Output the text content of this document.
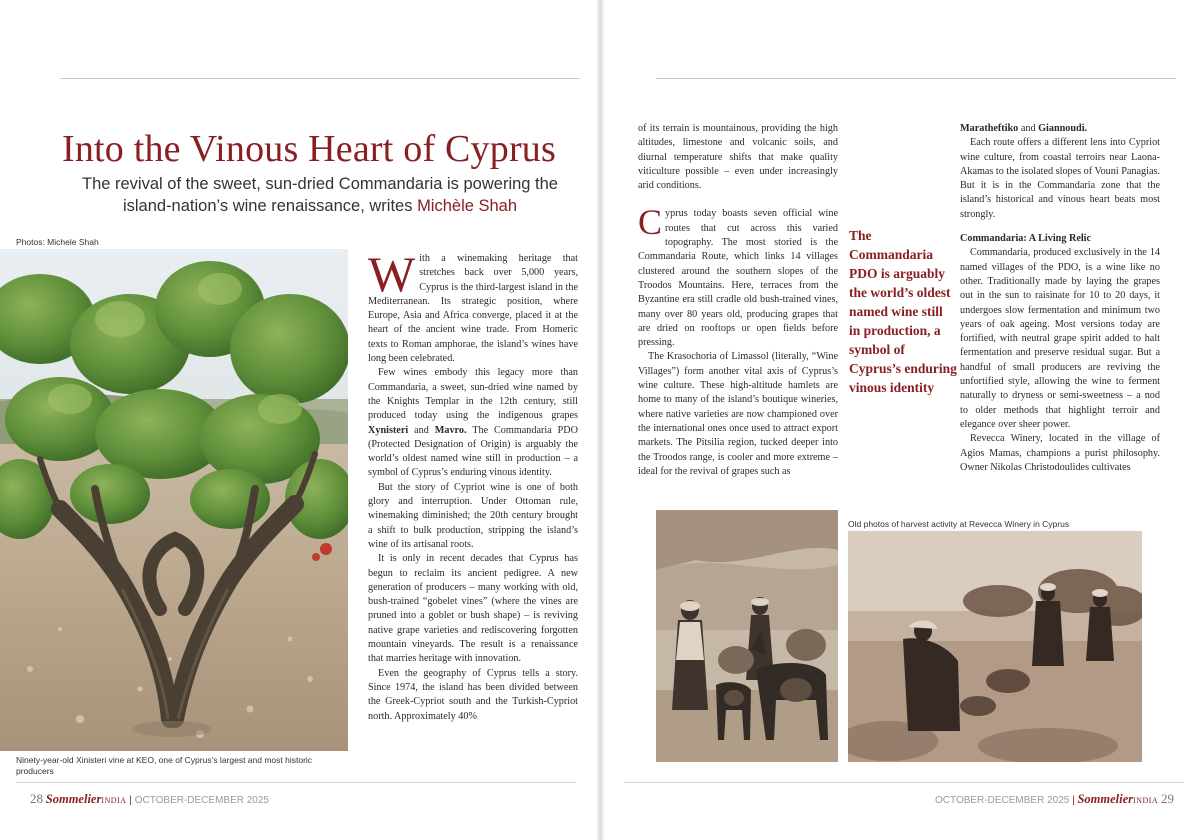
Into the Vinous Heart of Cyprus
The revival of the sweet, sun-dried Commandaria is powering the island-nation’s wine renaissance, writes Michèle Shah
Photos: Michele Shah
Ninety-year-old Xinisteri vine at KEO, one of Cyprus’s largest and most historic producers

With a winemaking heritage that stretches back over 5,000 years, Cyprus is the third-largest island in the Mediterranean. Its strategic position, where Europe, Asia and Africa converge, placed it at the heart of the ancient wine trade. From Homeric texts to Roman amphorae, the island’s wines have long been celebrated.

Few wines embody this legacy more than Commandaria, a sweet, sun-dried wine named by the Knights Templar in the 12th century, still produced today using the indigenous grapes Xynisteri and Mavro. The Commandaria PDO (Protected Designation of Origin) is arguably the world’s oldest named wine still in production – a symbol of Cyprus’s enduring vinous identity.

But the story of Cypriot wine is one of both glory and interruption. Under Ottoman rule, winemaking diminished; the 20th century brought a shift to bulk production, stripping the island’s wine of its artisanal roots.

It is only in recent decades that Cyprus has begun to reclaim its ancient pedigree. A new generation of producers – many working with old, bush-trained “gobelet vines” (where the vines are pruned into a goblet or bush shape) – is reviving native grape varieties and rediscovering forgotten mountain vineyards. The result is a renaissance that marries heritage with innovation.

Even the geography of Cyprus tells a story. Since 1974, the island has been divided between the Greek-Cypriot south and the Turkish-Cypriot north. Approximately 40%

28 SommelierINDIA | OCTOBER-DECEMBER 2025

of its terrain is mountainous, providing the high altitudes, limestone and volcanic soils, and diurnal temperature shifts that make quality viticulture possible – even under increasingly arid conditions.

Cyprus today boasts seven official wine routes that cut across this varied topography. The most storied is the Commandaria Route, which links 14 villages clustered around the southern slopes of the Troodos Mountains. Here, terraces from the Byzantine era still cradle old bush-trained vines, many over 80 years old, producing grapes that are dried on rooftops or open fields before pressing.

The Krasochoria of Limassol (literally, “Wine Villages”) form another vital axis of Cyprus’s wine culture. These high-altitude hamlets are home to many of the island’s boutique wineries, where native varieties are now championed over the international ones once used to attract export markets. The Pitsilia region, tucked deeper into the Troodos range, is cooler and more extreme – ideal for the revival of grapes such as

The Commandaria PDO is arguably the world’s oldest named wine still in production, a symbol of Cyprus’s enduring vinous identity

Maratheftiko and Giannoudi.

Each route offers a different lens into Cypriot wine culture, from coastal terroirs near Laona-Akamas to the isolated slopes of Vouni Panagias. But it is in the Commandaria zone that the island’s historical and vinous heart beats most strongly.

Commandaria: A Living Relic

Commandaria, produced exclusively in the 14 named villages of the PDO, is a wine like no other. Traditionally made by laying the grapes out in the sun to raisinate for 10 to 20 days, it undergoes slow fermentation and minimum two years of oak ageing. Most versions today are fortified, with neutral grape spirit added to halt fermentation and preserve residual sugar. But a handful of small producers are reviving the unfortified style, allowing the wine to ferment naturally to dryness or semi-sweetness – a nod to older methods that highlight terroir and elegance over sheer power.

Revecca Winery, located in the village of Agios Mamas, champions a purist philosophy. Owner Nikolas Christodoulides cultivates

Old photos of harvest activity at Revecca Winery in Cyprus
OCTOBER-DECEMBER 2025 | SommelierINDIA 29
